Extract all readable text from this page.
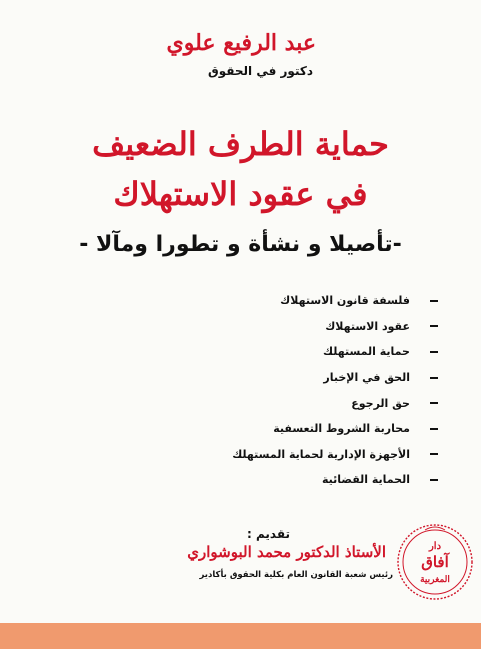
عبد الرفيع علوي
دكتور في الحقوق
حماية الطرف الضعيف
في عقود الاستهلاك
-تأصيلا و نشأة و تطورا ومآلا -
فلسفة قانون الاستهلاك
عقود الاستهلاك
حماية المستهلك
الحق في الإخبار
حق الرجوع
محاربة الشروط التعسفية
الأجهزة الإدارية لحماية المستهلك
الحماية القضائية
تقديم :
الأستاذ الدكتور محمد البوشواري
رئيس شعبة القانون العام بكلية الحقوق بأكادير
دار
آفاق
المغربية
